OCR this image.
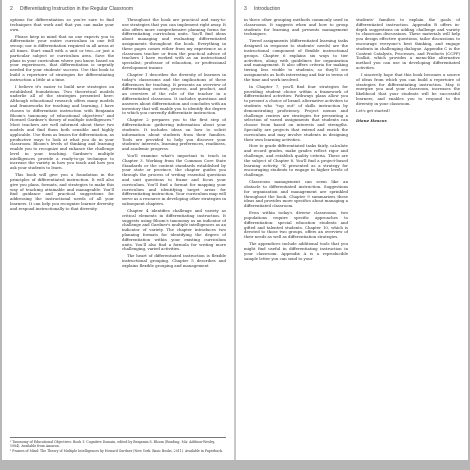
2 Differentiating Instruction in the Regular Classroom

options for differentiation so you're sure to find techniques that work and that you can make your own.

Please keep in mind that no one expects you to differentiate your entire curriculum in one fell swoop; nor is differentiation required in all areas at all times. Start small with a unit or two—or just a particular subject or curriculum area. Save the plans in your curriculum where you know, based on your experiences, that differentiation is urgently needed for your students' success. Use this book to build a repertoire of strategies for differentiating instruction a little at a time.

I believe it's easier to build new strategies on established foundations. Two theoretical models underlie all of the strategies presented here: Although educational research offers many models and frameworks for teaching and learning, I have chosen to differentiate instruction with Benjamin Bloom's taxonomy of educational objectives¹ and Howard Gardner's theory of multiple intelligences.² Most teachers are well informed about these two models and find them both sensible and highly applicable. Use them as lenses for differentiation, as productive ways to look at what you do in your classroom. Bloom's levels of thinking and learning enable you to recognize and enhance the challenge level in your teaching. Gardner's multiple intelligences provide a ready-to-go technique to increase the variety in how you teach and how you ask your students to learn.

This book will give you a foundation in the principles of differentiated instruction. It will also give you plans, formats, and strategies to make this way of teaching attainable and manageable. You'll find guidance and practical suggestions for addressing the instructional needs of all your learners. It can help you recognize learner diversity and respond instructionally to that diversity.

Throughout the book are practical and easy-to-use strategies that you can implement right away. It also offers more comprehensive planning forms for differentiating curriculum units. You'll find ideas about managing and evaluating differentiated assignments throughout the book. Everything in these pages comes either from my experience as a classroom teacher or from the practical advice of teachers I have worked with as an instructional specialist, professor of education, or professional development trainer.

Chapter 1 describes the diversity of learners in today's classrooms and the implications of these differences for teaching. It presents an overview of differentiating content, process, and product, and an overview of the role of the teacher in a differentiated classroom. It includes questions and answers about differentiation and concludes with an inventory that will enable you to identify the degree to which you currently differentiate instruction.

Chapter 2 prepares you to the first step of differentiation: gathering information about your students. It includes ideas on how to solicit information about students from their families. Tools are provided to help you discover your students' interests, learning preferences, readiness, and academic progress.

You'll examine what's important to teach in Chapter 3. Working from the Common Core State Standards or the content standards established by your state or province, the chapter guides you through the process of writing essential questions and unit questions to frame and focus your curriculum. You'll find a format for mapping your curriculum and identifying target areas for differentiating instruction. Your curriculum map will serve as a resource in developing other strategies in subsequent chapters.

Chapter 4 identifies challenge and variety as critical elements in differentiating instruction. It suggests using Bloom's taxonomy as an indicator of challenge and Gardner's multiple intelligences as an indicator of variety. The chapter introduces two planning formats for identifying the degree of differentiation within your existing curriculum units. You'll also find a formula for writing more challenging, varied activities.

The heart of differentiated instruction is flexible instructional grouping. Chapter 5 describes and explains flexible grouping and management

¹ Taxonomy of Educational Objectives: Book 1: Cognitive Domain, edited by Benjamin S. Bloom (Reading, MA: Addison-Wesley, 1984). Available from Amazon.

² Frames of Mind: The Theory of Multiple Intelligences by Howard Gardner (New York: Basic Books, 2011). Available in Paperback.

3 Introduction

in three other grouping methods commonly used in classrooms. It suggests when and how to group students for learning and presents management techniques.

Tiered assignments (differentiated learning tasks designed in response to students' needs) are the instructional component of flexible instructional groups. Chapter 6 explains six ways to tier activities, along with guidelines for organization and management. It also offers criteria for making tiering less visible to students, so they'll see assignments as both interesting and fair in terms of the time and work involved.

In Chapter 7, you'll find four strategies for providing student choice within a framework of differentiated activities: Pathways plans allow you to present a choice of brand, alternative activities to students who "top out" of skills instruction by demonstrating proficiency. Project menus and challenge centers are strategies for presenting a selection of varied assignments that students can choose from based on interests and strengths. Specialty are projects that extend and enrich the curriculum and may involve students in designing their own learning activities.

How to grade differentiated tasks fairly, calculate and record grades, make grades reflect rigor and challenge, and establish quality criteria. These are the subject of Chapter 8. You'll find a project-based learning activity, "K presented as a strategy for encouraging students to engage in higher levels of challenge.

Classroom management can seem like an obstacle to differentiated instruction. Suggestions for organization and management are sprinkled throughout the book. Chapter 9 summarizes these ideas and provides more specifics about managing a differentiated classroom.

Even within today's diverse classrooms, two populations require specific approaches to differentiation: special education students and gifted and talented students. Chapter 10, which is devoted to those two groups, offers an overview of their needs as well as differentiation strategies.

The appendices include additional tools that you might find useful in differentiating instruction in your classroom. Appendix A is a reproducible sample letter you can send to your

students' families to explain the goals of differentiated instruction. Appendix B offers in-depth suggestions on adding challenge and variety to classroom discussions. These materials will help you design effective questions, tailor discussions to encourage everyone's best thinking, and engage students in challenging dialogue. Appendix C is the Content Catalysts, Processes, and Products (CCPP) Toolkit, which provides a menu-like alternative method you can use in developing differentiated activities.

I sincerely hope that this book becomes a source of ideas from which you can build a repertoire of strategies for differentiating instruction. May it energize you and your classroom, increases the likelihood that your students will be successful learners, and enables you to respond to the diversity in your classroom.

Let's get started!

Diane Heacox
